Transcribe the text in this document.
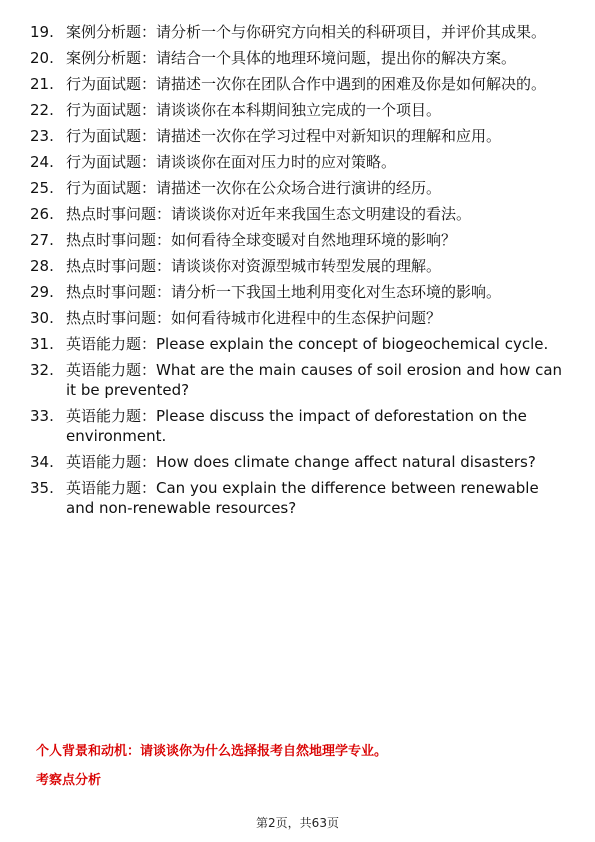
19. 案例分析题：请分析一个与你研究方向相关的科研项目，并评价其成果。
20. 案例分析题：请结合一个具体的地理环境问题，提出你的解决方案。
21. 行为面试题：请描述一次你在团队合作中遇到的困难及你是如何解决的。
22. 行为面试题：请谈谈你在本科期间独立完成的一个项目。
23. 行为面试题：请描述一次你在学习过程中对新知识的理解和应用。
24. 行为面试题：请谈谈你在面对压力时的应对策略。
25. 行为面试题：请描述一次你在公众场合进行演讲的经历。
26. 热点时事问题：请谈谈你对近年来我国生态文明建设的看法。
27. 热点时事问题：如何看待全球变暖对自然地理环境的影响？
28. 热点时事问题：请谈谈你对资源型城市转型发展的理解。
29. 热点时事问题：请分析一下我国土地利用变化对生态环境的影响。
30. 热点时事问题：如何看待城市化进程中的生态保护问题？
31. 英语能力题：Please explain the concept of biogeochemical cycle.
32. 英语能力题：What are the main causes of soil erosion and how can it be prevented?
33. 英语能力题：Please discuss the impact of deforestation on the environment.
34. 英语能力题：How does climate change affect natural disasters?
35. 英语能力题：Can you explain the difference between renewable and non-renewable resources?
个人背景和动机：请谈谈你为什么选择报考自然地理学专业。
考察点分析
第2页，共63页
